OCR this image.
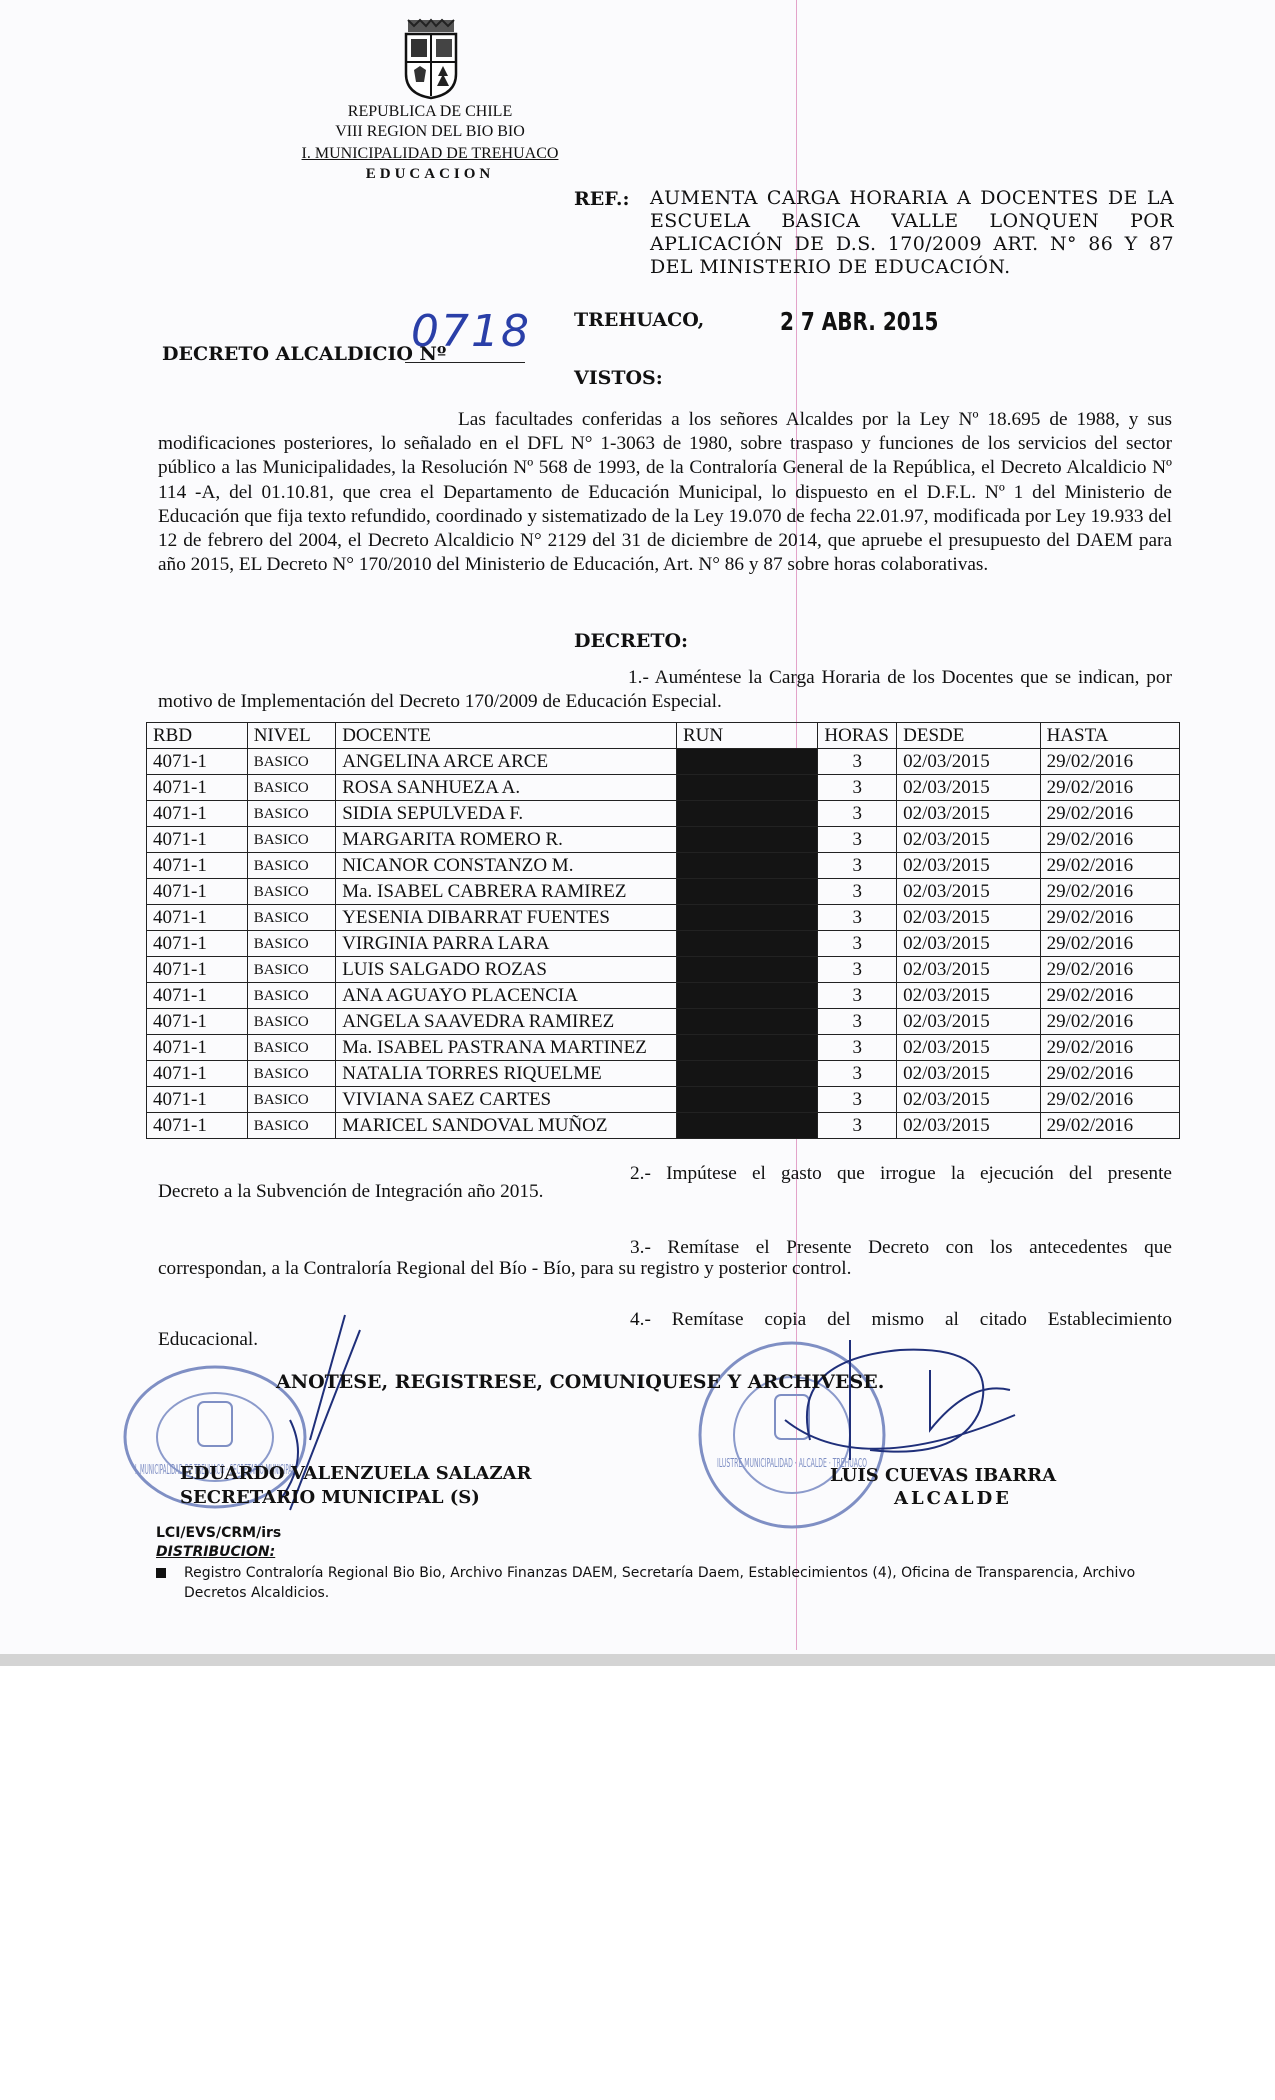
REPUBLICA DE CHILE
VIII REGION DEL BIO BIO
I. MUNICIPALIDAD DE TREHUACO
EDUCACION
REF.: AUMENTA CARGA HORARIA A DOCENTES DE LA ESCUELA BASICA VALLE LONQUEN POR APLICACIÓN DE D.S. 170/2009 ART. N° 86 Y 87 DEL MINISTERIO DE EDUCACIÓN.
DECRETO ALCALDICIO Nº
0718 TREHUACO,	2 7 ABR. 2015
VISTOS:
Las facultades conferidas a los señores Alcaldes por la Ley Nº 18.695 de 1988, y sus modificaciones posteriores, lo señalado en el DFL N° 1-3063 de 1980, sobre traspaso y funciones de los servicios del sector público a las Municipalidades, la Resolución Nº 568 de 1993, de la Contraloría General de la República, el Decreto Alcaldicio Nº 114 -A, del 01.10.81, que crea el Departamento de Educación Municipal, lo dispuesto en el D.F.L. Nº 1 del Ministerio de Educación que fija texto refundido, coordinado y sistematizado de la Ley 19.070 de fecha 22.01.97, modificada por Ley 19.933 del 12 de febrero del 2004, el Decreto Alcaldicio N° 2129 del 31 de diciembre de 2014, que apruebe el presupuesto del DAEM para año 2015, EL Decreto N° 170/2010 del Ministerio de Educación, Art. N° 86 y 87 sobre horas colaborativas.
DECRETO:
1.- Auméntese la Carga Horaria de los Docentes que se indican, por motivo de Implementación del Decreto 170/2009 de Educación Especial.
RBD	NIVEL	DOCENTE	RUN	HORAS	DESDE	HASTA
4071-1	BASICO	ANGELINA ARCE ARCE		3	02/03/2015	29/02/2016
4071-1	BASICO	ROSA SANHUEZA A.		3	02/03/2015	29/02/2016
4071-1	BASICO	SIDIA SEPULVEDA F.		3	02/03/2015	29/02/2016
4071-1	BASICO	MARGARITA ROMERO R.		3	02/03/2015	29/02/2016
4071-1	BASICO	NICANOR CONSTANZO M.		3	02/03/2015	29/02/2016
4071-1	BASICO	Ma. ISABEL CABRERA RAMIREZ		3	02/03/2015	29/02/2016
4071-1	BASICO	YESENIA DIBARRAT FUENTES		3	02/03/2015	29/02/2016
4071-1	BASICO	VIRGINIA PARRA LARA		3	02/03/2015	29/02/2016
4071-1	BASICO	LUIS SALGADO ROZAS		3	02/03/2015	29/02/2016
4071-1	BASICO	ANA AGUAYO PLACENCIA		3	02/03/2015	29/02/2016
4071-1	BASICO	ANGELA SAAVEDRA RAMIREZ		3	02/03/2015	29/02/2016
4071-1	BASICO	Ma. ISABEL PASTRANA MARTINEZ		3	02/03/2015	29/02/2016
4071-1	BASICO	NATALIA TORRES RIQUELME		3	02/03/2015	29/02/2016
4071-1	BASICO	VIVIANA SAEZ CARTES		3	02/03/2015	29/02/2016
4071-1	BASICO	MARICEL SANDOVAL MUÑOZ		3	02/03/2015	29/02/2016
2.- Impútese el gasto que irrogue la ejecución del presente
Decreto a la Subvención de Integración año 2015.
3.- Remítase el Presente Decreto con los antecedentes que
correspondan, a la Contraloría Regional del Bío - Bío, para su registro y posterior control.
4.- Remítase copia del mismo al citado Establecimiento
Educacional.
I. MUNICIPALIDAD DE TREHUACO · SECRETARIO MUNICIPAL	ILUSTRE MUNICIPALIDAD · ALCALDE · TREHUACO
ANOTESE, REGISTRESE, COMUNIQUESE Y ARCHIVESE.
EDUARDO VALENZUELA SALAZAR
SECRETARIO MUNICIPAL (S)
LUIS CUEVAS IBARRA
ALCALDE
LCI/EVS/CRM/irs
DISTRIBUCION:
Registro Contraloría Regional Bio Bio, Archivo Finanzas DAEM, Secretaría Daem, Establecimientos (4), Oficina de Transparencia, Archivo Decretos Alcaldicios.
